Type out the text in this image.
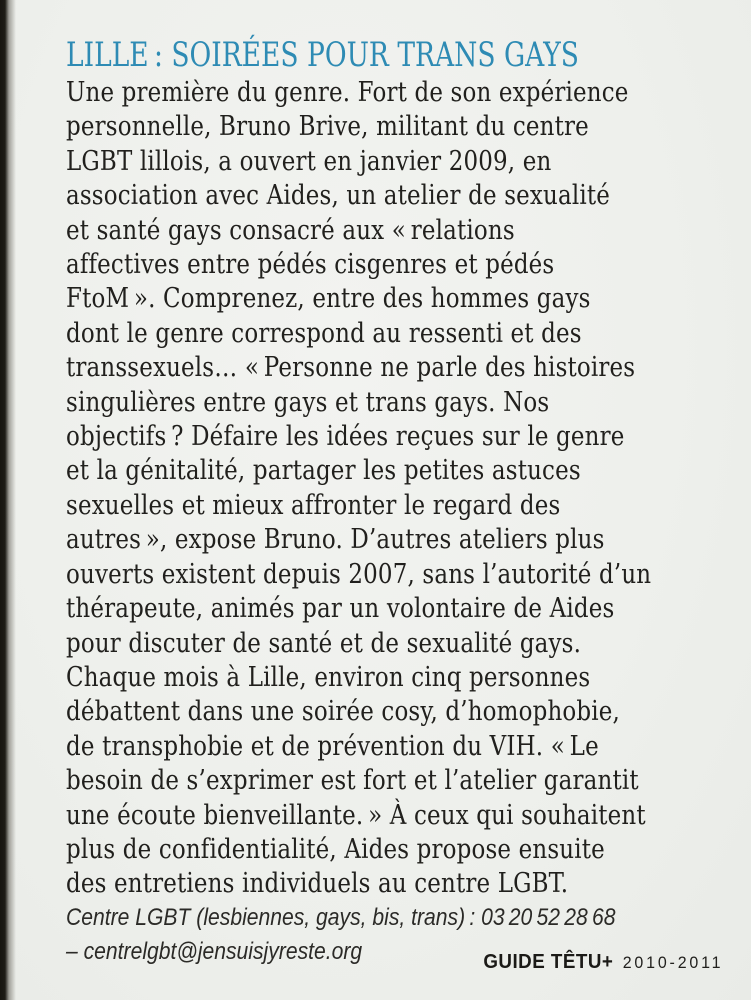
LILLE : SOIRÉES POUR TRANS GAYS
Une première du genre. Fort de son expérience
personnelle, Bruno Brive, militant du centre
LGBT lillois, a ouvert en janvier 2009, en
association avec Aides, un atelier de sexualité
et santé gays consacré aux « relations
affectives entre pédés cisgenres et pédés
FtoM ». Comprenez, entre des hommes gays
dont le genre correspond au ressenti et des
transsexuels… « Personne ne parle des histoires
singulières entre gays et trans gays. Nos
objectifs ? Défaire les idées reçues sur le genre
et la génitalité, partager les petites astuces
sexuelles et mieux affronter le regard des
autres », expose Bruno. D’autres ateliers plus
ouverts existent depuis 2007, sans l’autorité d’un
thérapeute, animés par un volontaire de Aides
pour discuter de santé et de sexualité gays.
Chaque mois à Lille, environ cinq personnes
débattent dans une soirée cosy, d’homophobie,
de transphobie et de prévention du VIH. « Le
besoin de s’exprimer est fort et l’atelier garantit
une écoute bienveillante. » À ceux qui souhaitent
plus de confidentialité, Aides propose ensuite
des entretiens individuels au centre LGBT.
Centre LGBT (lesbiennes, gays, bis, trans) : 03 20 52 28 68
– centrelgbt@jensuisjyreste.org	GUIDE TÊTU+ 2010-2011
